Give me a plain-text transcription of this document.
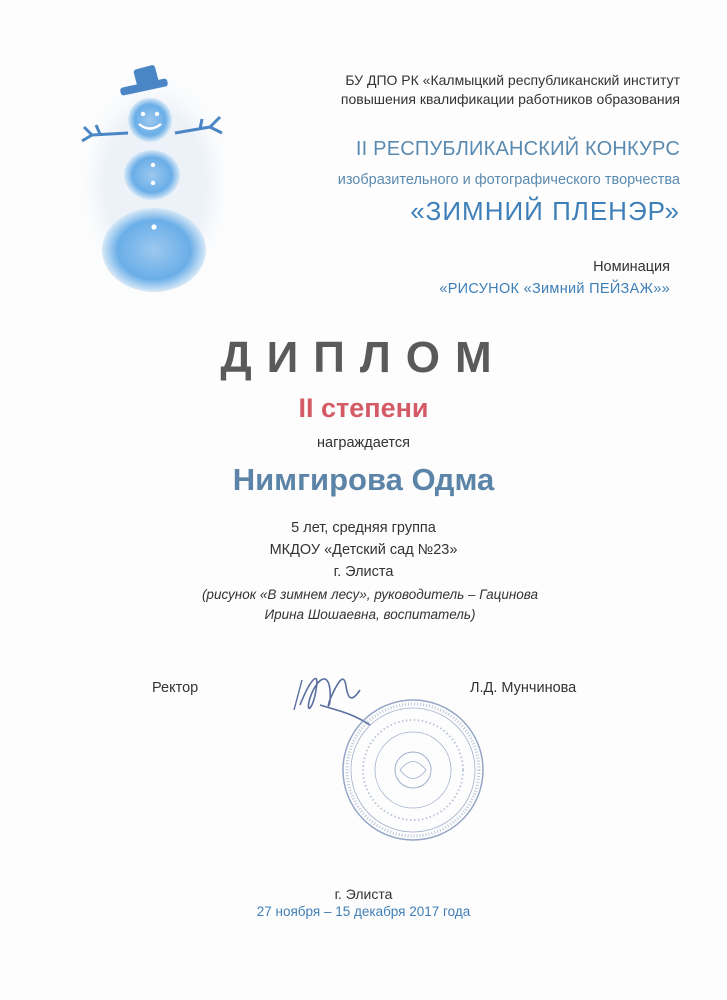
БУ ДПО РК «Калмыцкий республиканский институт
повышения квалификации работников образования
II РЕСПУБЛИКАНСКИЙ КОНКУРС
изобразительного и фотографического творчества
«ЗИМНИЙ ПЛЕНЭР»
Номинация
«РИСУНОК «Зимний ПЕЙЗАЖ»»
ДИПЛОМ
II степени
награждается
Нимгирова Одма
5 лет, средняя группа
МКДОУ «Детский сад №23»
г. Элиста
(рисунок «В зимнем лесу», руководитель – Гацинова
Ирина Шошаевна, воспитатель)
Ректор	Л.Д. Мунчинова
г. Элиста
27 ноября – 15 декабря 2017 года
